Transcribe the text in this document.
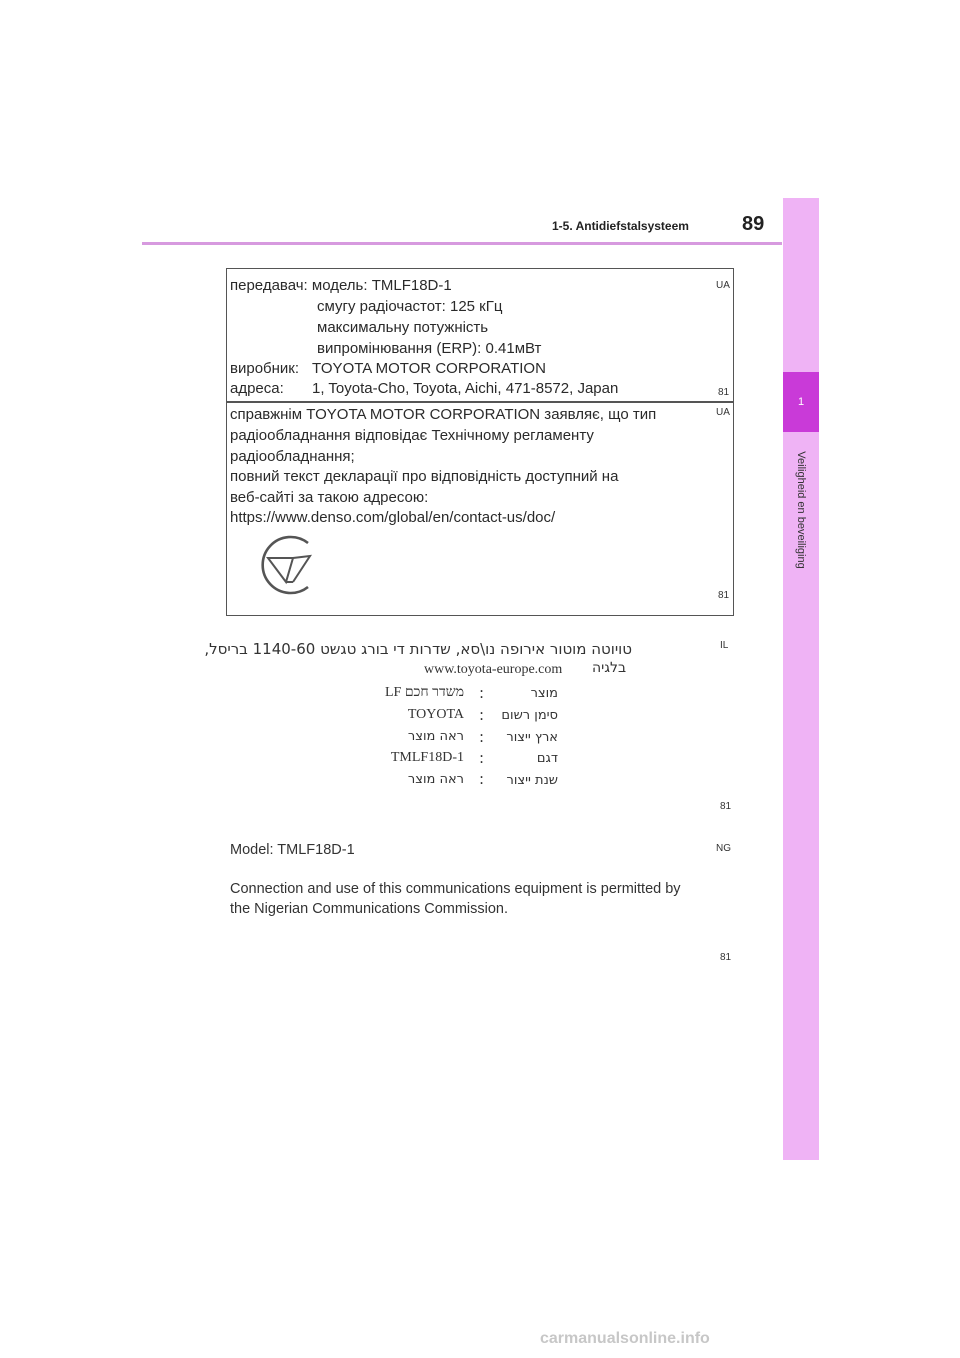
1-5. Antidiefstalsysteem	89
1
Veiligheid en beveiliging
UA
передавач: модель: TMLF18D-1
смугу радіочастот: 125 кГц
максимальну потужність
випромінювання (ERP): 0.41мВт
виробник: TOYOTA MOTOR CORPORATION
адреса: 1, Toyota-Cho, Toyota, Aichi, 471-8572, Japan	81
UA
справжнім TOYOTA MOTOR CORPORATION заявляє, що тип
радіообладнання відповідає Технічному регламенту
радіообладнання;
повний текст декларації про відповідність доступний на
веб-сайті за такою адресою:
https://www.denso.com/global/en/contact-us/doc/
81
IL
טויוטה מוטור אירופה נו\סא, שדרות די בורג טגשט 1140-60 בריסל,
www.toyota-europe.com בלגיה
משדר חכם LF :	מוצר
TOYOTA :	סימן רשום
ראה מוצר :	ארץ ייצור
TMLF18D-1 :	דגם
ראה מוצר :	שנת ייצור
81
NG
Model: TMLF18D-1
Connection and use of this communications equipment is permitted by
the Nigerian Communications Commission.
81
carmanualsonline.info
